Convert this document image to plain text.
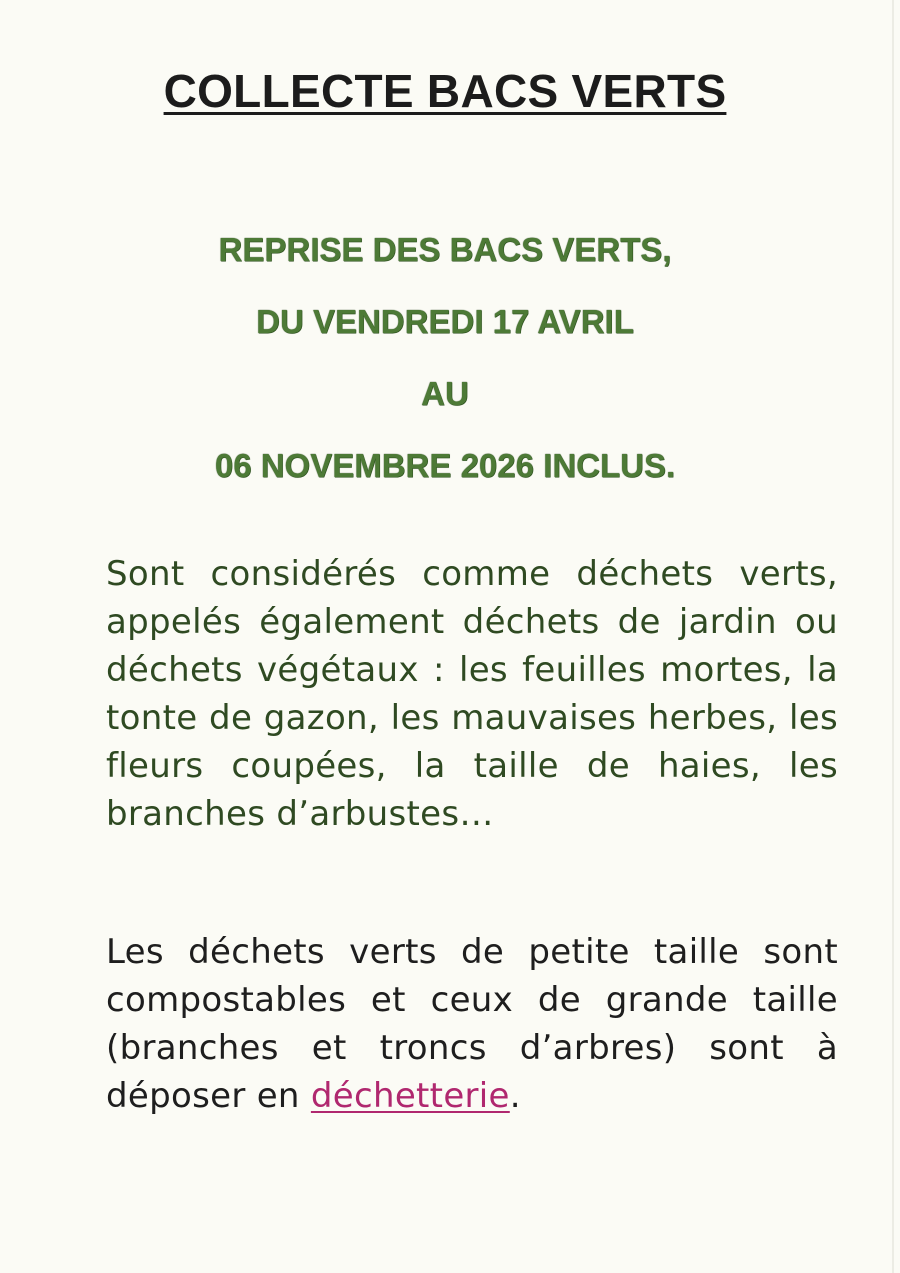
COLLECTE BACS VERTS
REPRISE DES BACS VERTS,
DU VENDREDI 17 AVRIL
AU
06 NOVEMBRE 2026 INCLUS.

Sont considérés comme déchets verts, appelés également déchets de jardin ou déchets végétaux : les feuilles mortes, la tonte de gazon, les mauvaises herbes, les fleurs coupées, la taille de haies, les branches d’arbustes…

Les déchets verts de petite taille sont compostables et ceux de grande taille (branches et troncs d’arbres) sont à déposer en déchetterie.
